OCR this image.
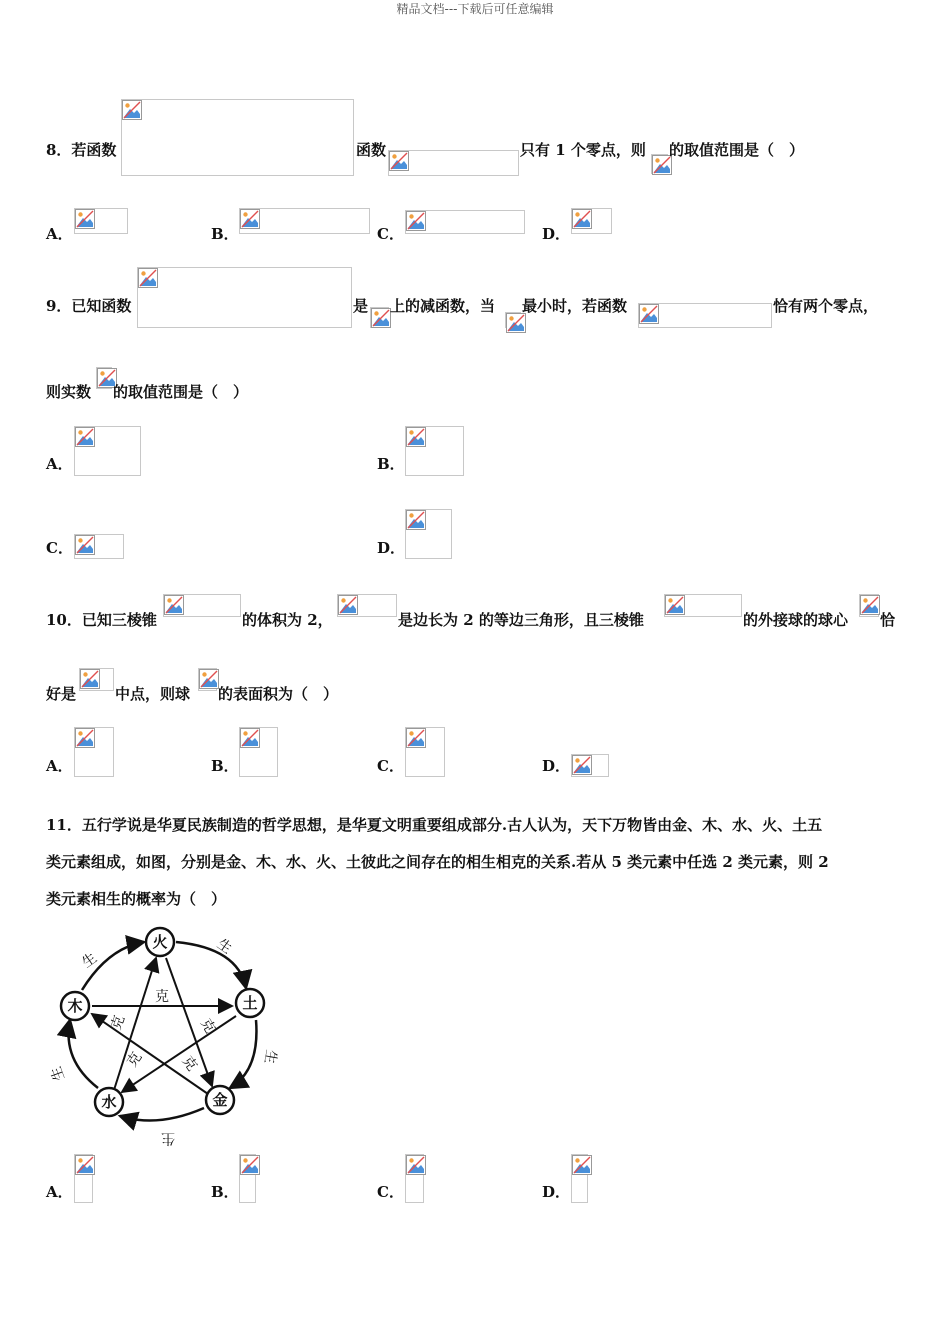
精品文档---下载后可任意编辑
8．若函数	函数	只有 1 个零点，则 的取值范围是（　）
A．	B．	C．	D．
9．已知函数	是 上的减函数，当 最小时，若函数	恰有两个零点，
则实数 的取值范围是（　）
A．	B．
C．	D．
10．已知三棱锥	的体积为 2，	是边长为 2 的等边三角形，且三棱锥	的外接球的球心 恰
好是	中点，则球 的表面积为（　）
A．	B．	C．	D．
11．五行学说是华夏民族制造的哲学思想，是华夏文明重要组成部分.古人认为，天下万物皆由金、木、水、火、土五
类元素组成，如图，分别是金、木、水、火、土彼此之间存在的相生相克的关系.若从 5 类元素中任选 2 类元素，则 2
类元素相生的概率为（　）
火
土
金
水
木
生
生
生
生
生
克
克
克
克 克
A．	B．	C．	D．
